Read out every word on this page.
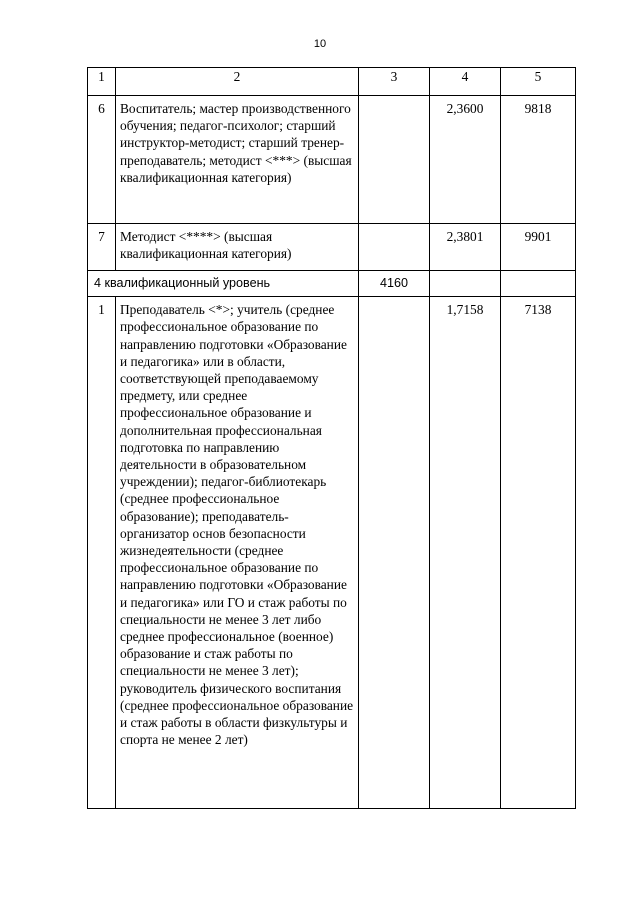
10
1	2	3	4	5
6	Воспитатель; мастер производственного обучения; педагог-психолог; старший инструктор-методист; старший тренер-преподаватель; методист <***> (высшая квалификационная категория)		2,3600	9818
7	Методист <****> (высшая квалификационная категория)		2,3801	9901
4 квалификационный уровень		4160		
1	Преподаватель <*>; учитель (среднее профессиональное образование по направлению подготовки «Образование и педагогика» или в области, соответствующей преподаваемому предмету, или среднее профессиональное образование и дополнительная профессиональная подготовка по направлению деятельности в образовательном учреждении); педагог-библиотекарь (среднее профессиональное образование); преподаватель-организатор основ безопасности жизнедеятельности (среднее профессиональное образование по направлению подготовки «Образование и педагогика» или ГО и стаж работы по специальности не менее 3 лет либо среднее профессиональное (военное) образование и стаж работы по специальности не менее 3 лет); руководитель физического воспитания (среднее профессиональное образование и стаж работы в области физкультуры и спорта не менее 2 лет)		1,7158	7138
